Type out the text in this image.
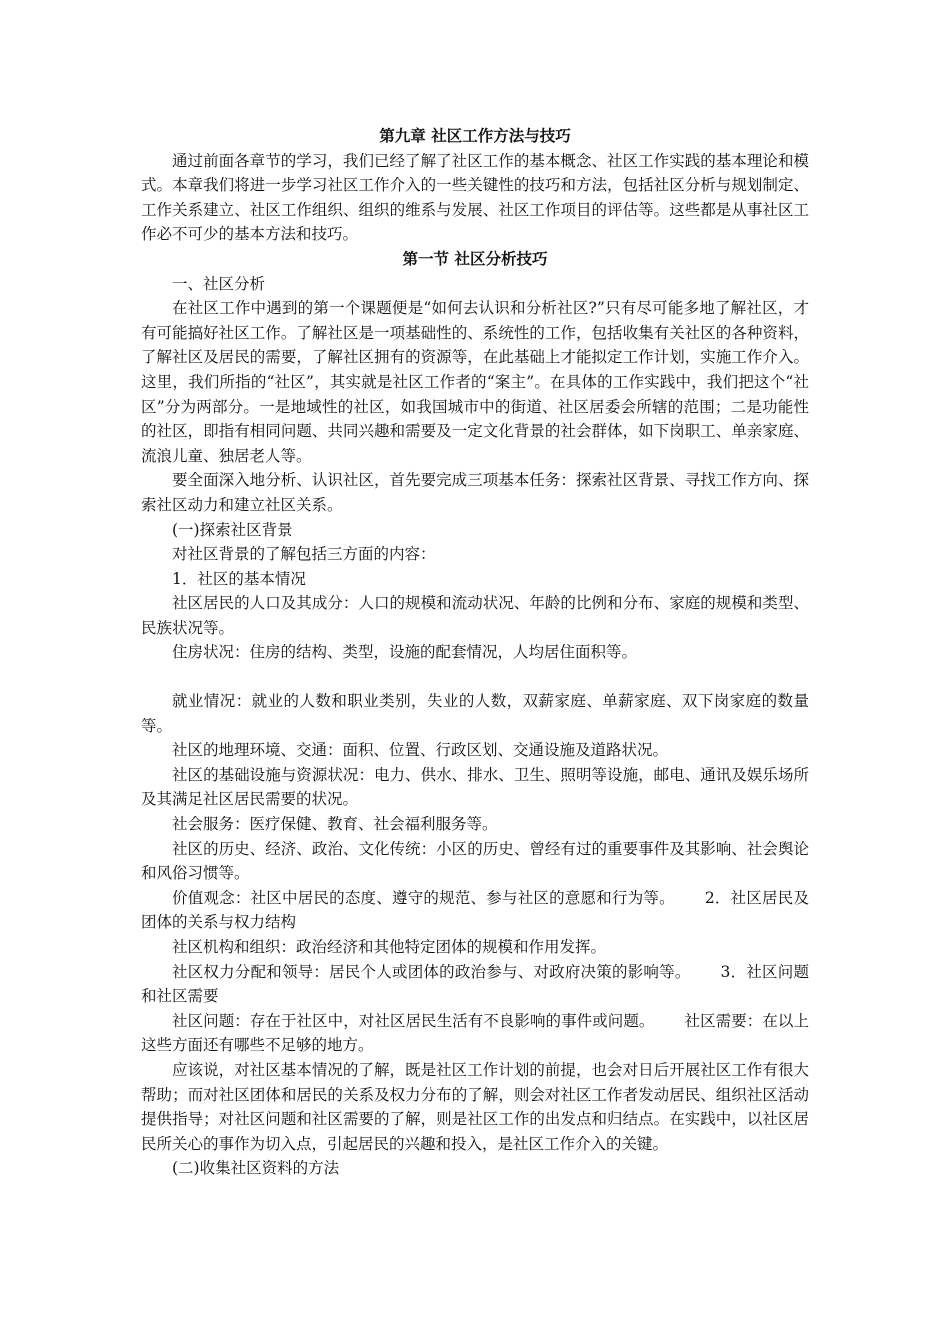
第九章 社区工作方法与技巧

通过前面各章节的学习，我们已经了解了社区工作的基本概念、社区工作实践的基本理论和模式。本章我们将进一步学习社区工作介入的一些关键性的技巧和方法，包括社区分析与规划制定、工作关系建立、社区工作组织、组织的维系与发展、社区工作项目的评估等。这些都是从事社区工作必不可少的基本方法和技巧。

第一节 社区分析技巧

一、社区分析

在社区工作中遇到的第一个课题便是“如何去认识和分析社区?”只有尽可能多地了解社区，才有可能搞好社区工作。了解社区是一项基础性的、系统性的工作，包括收集有关社区的各种资料，了解社区及居民的需要，了解社区拥有的资源等，在此基础上才能拟定工作计划，实施工作介入。这里，我们所指的“社区”，其实就是社区工作者的“案主”。在具体的工作实践中，我们把这个“社区”分为两部分。一是地域性的社区，如我国城市中的街道、社区居委会所辖的范围；二是功能性的社区，即指有相同问题、共同兴趣和需要及一定文化背景的社会群体，如下岗职工、单亲家庭、流浪儿童、独居老人等。

要全面深入地分析、认识社区，首先要完成三项基本任务：探索社区背景、寻找工作方向、探索社区动力和建立社区关系。

(一)探索社区背景

对社区背景的了解包括三方面的内容：

1．社区的基本情况

社区居民的人口及其成分：人口的规模和流动状况、年龄的比例和分布、家庭的规模和类型、民族状况等。

住房状况：住房的结构、类型，设施的配套情况，人均居住面积等。

就业情况：就业的人数和职业类别，失业的人数，双薪家庭、单薪家庭、双下岗家庭的数量等。

社区的地理环境、交通：面积、位置、行政区划、交通设施及道路状况。

社区的基础设施与资源状况：电力、供水、排水、卫生、照明等设施，邮电、通讯及娱乐场所及其满足社区居民需要的状况。

社会服务：医疗保健、教育、社会福利服务等。

社区的历史、经济、政治、文化传统：小区的历史、曾经有过的重要事件及其影响、社会舆论和风俗习惯等。

价值观念：社区中居民的态度、遵守的规范、参与社区的意愿和行为等。 2．社区居民及团体的关系与权力结构

社区机构和组织：政治经济和其他特定团体的规模和作用发挥。

社区权力分配和领导：居民个人或团体的政治参与、对政府决策的影响等。 3．社区问题和社区需要

社区问题：存在于社区中，对社区居民生活有不良影响的事件或问题。 社区需要：在以上这些方面还有哪些不足够的地方。

应该说，对社区基本情况的了解，既是社区工作计划的前提，也会对日后开展社区工作有很大帮助；而对社区团体和居民的关系及权力分布的了解，则会对社区工作者发动居民、组织社区活动提供指导；对社区问题和社区需要的了解，则是社区工作的出发点和归结点。在实践中，以社区居民所关心的事作为切入点，引起居民的兴趣和投入，是社区工作介入的关键。

(二)收集社区资料的方法
